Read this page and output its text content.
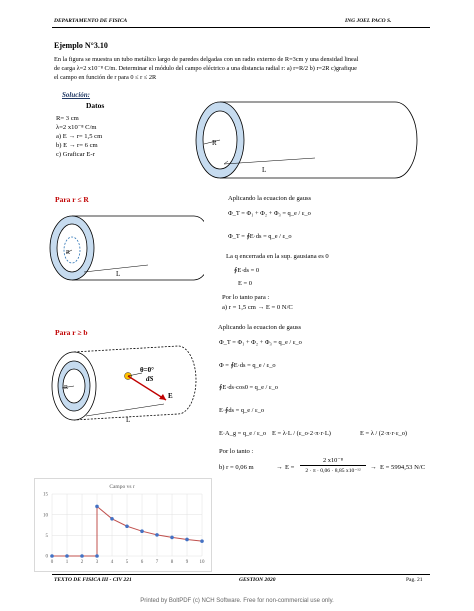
DEPARTAMENTO DE FISICA	ING JOEL PACO S.
Ejemplo N°3.10
En la figura se muestra un tubo metálico largo de paredes delgadas con un radio externo de R=3cm y una densidad lineal
de carga λ=2 x10⁻⁸ C/m. Determinar el módulo del campo eléctrico a una distancia radial r: a) r=R/2 b) r=2R c)grafique
el campo en función de r para 0 ≤ r ≤ 2R
Solución:
Datos
R= 3 cm
λ=2 x10⁻⁸ C/m
a) E → r= 1,5 cm
b) E → r= 6 cm
c) Graficar E-r
R
L
Para r ≤ R
R
L
Aplicando la ecuacion de gauss
Φ_T = Φ₁ + Φ₂ + Φ₃ = q_e / ε_o
Φ_T = ∮E·ds = q_e / ε_o
La q encerrada en la sup. gausiana es 0
∮E·ds = 0
E = 0
Por lo tanto para :
a) r = 1,5 cm → E = 0 N/C
Para r ≥ b
R
θ=0°
dS
E
L
Aplicando la ecuacion de gauss
Φ_T = Φ₁ + Φ₂ + Φ₃ = q_e / ε_o
Φ = ∮E·ds = q_e / ε_o
∮E·ds·cos0 = q_e / ε_o
E·∮ds = q_e / ε_o
E·A_g = q_e / ε_o E = λ·L / (ε_o·2·π·r·L)	E = λ / (2·π·r·ε_o)
Por lo tanto :
b) r = 0,06 m	→ E =
2 x10⁻⁸
2 · π · 0,06 · 8,85 x10⁻¹²	→ E = 5994,53 N/C
Campo vs r
0	1	2	3	4	5	6	7	8	9 10
0
5
10
15
TEXTO DE FISICA III - CIV 221	GESTION 2020	Pag. 21
Printed by BoltPDF (c) NCH Software. Free for non-commercial use only.
